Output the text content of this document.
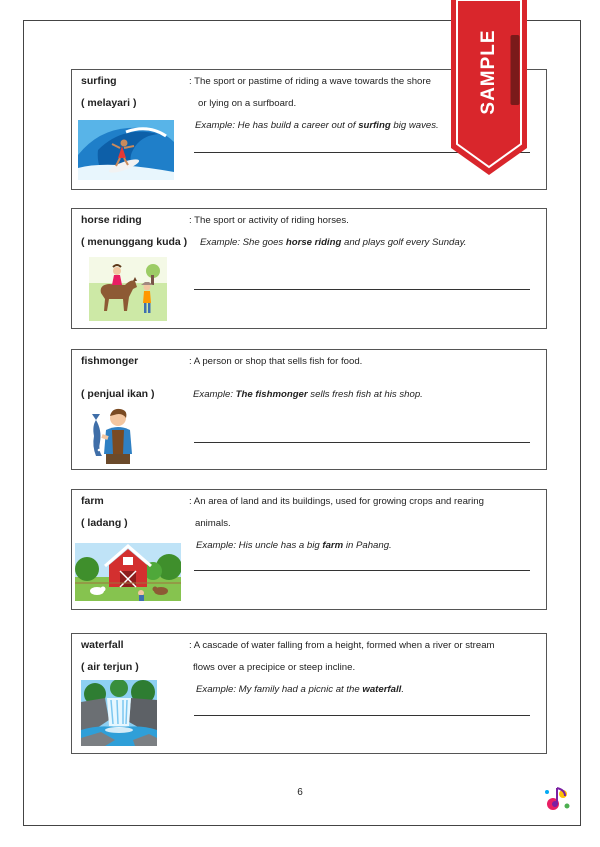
surfing
( melayari )
: The sport or pastime of riding a wave towards the shore
or lying on a surfboard.
Example: He has build a career out of surfing big waves.
horse riding
( menunggang kuda )
: The sport or activity of riding horses.
Example: She goes horse riding and plays golf every Sunday.
fishmonger
( penjual ikan )
: A person or shop that sells fish for food.
Example: The fishmonger sells fresh fish at his shop.
farm
( ladang )
: An area of land and its buildings, used for growing crops and rearing
animals.
Example: His uncle has a big farm in Pahang.
waterfall
( air terjun )
: A cascade of water falling from a height, formed when a river or stream
flows over a precipice or steep incline.
Example: My family had a picnic at the waterfall.
6
SAMPLE
